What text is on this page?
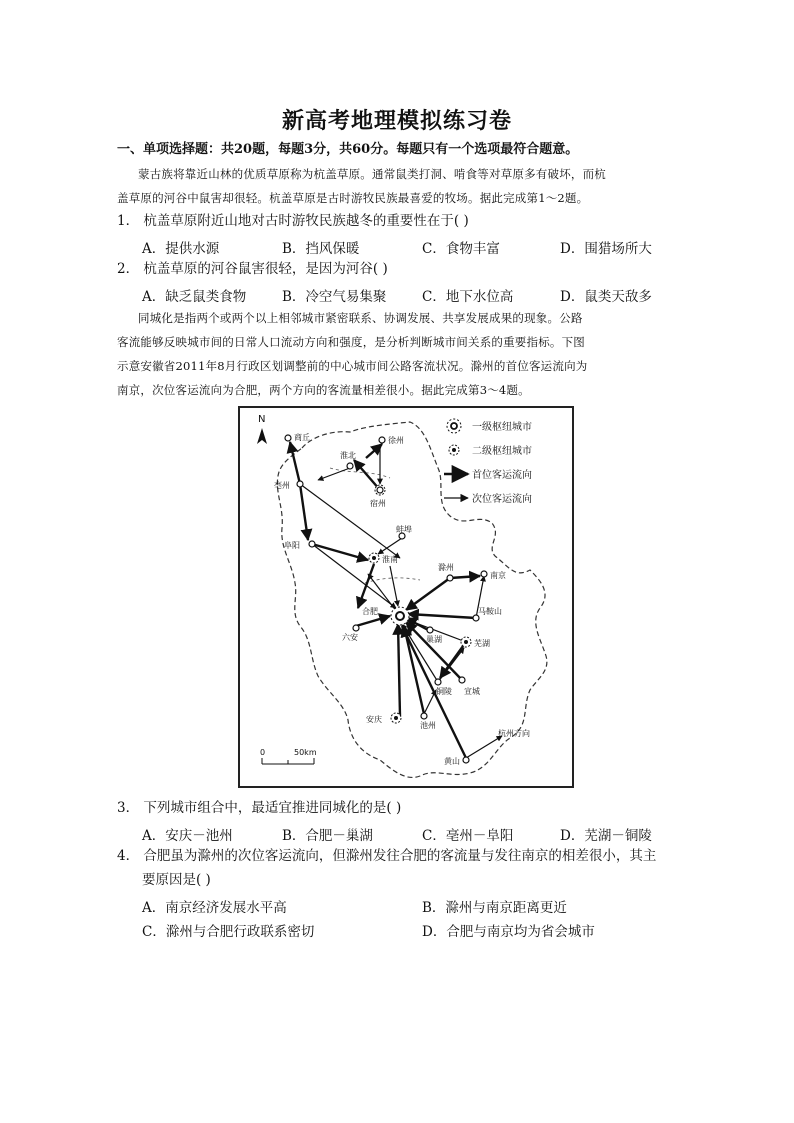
新高考地理模拟练习卷
一、单项选择题：共20题，每题3分，共60分。每题只有一个选项最符合题意。
蒙古族将靠近山林的优质草原称为杭盖草原。通常鼠类打洞、啃食等对草原多有破坏，而杭
盖草原的河谷中鼠害却很轻。杭盖草原是古时游牧民族最喜爱的牧场。据此完成第1～2题。
1． 杭盖草原附近山地对古时游牧民族越冬的重要性在于( )
A．提供水源	B．挡风保暖	C．食物丰富	D．围猎场所大
2． 杭盖草原的河谷鼠害很轻，是因为河谷( )
A．缺乏鼠类食物	B．冷空气易集聚	C．地下水位高	D．鼠类天敌多
同城化是指两个或两个以上相邻城市紧密联系、协调发展、共享发展成果的现象。公路
客流能够反映城市间的日常人口流动方向和强度，是分析判断城市间关系的重要指标。下图
示意安徽省2011年8月行政区划调整前的中心城市间公路客流状况。滁州的首位客运流向为
南京，次位客运流向为合肥，两个方向的客流量相差很小。据此完成第3～4题。
N
商丘
亳州
徐州
淮北
宿州
阜阳
蚌埠
淮南
滁州
南京
合肥
六安	巢湖
马鞍山
芜湖
铜陵 宣城
安庆
池州
黄山
杭州方向
一级枢纽城市
二级枢纽城市
首位客运流向
次位客运流向
0	50km
3． 下列城市组合中，最适宜推进同城化的是( )
A．安庆－池州	B．合肥－巢湖	C．亳州－阜阳	D．芜湖－铜陵
4． 合肥虽为滁州的次位客运流向，但滁州发往合肥的客流量与发往南京的相差很小，其主
要原因是( )
A．南京经济发展水平高	B．滁州与南京距离更近
C．滁州与合肥行政联系密切	D．合肥与南京均为省会城市
